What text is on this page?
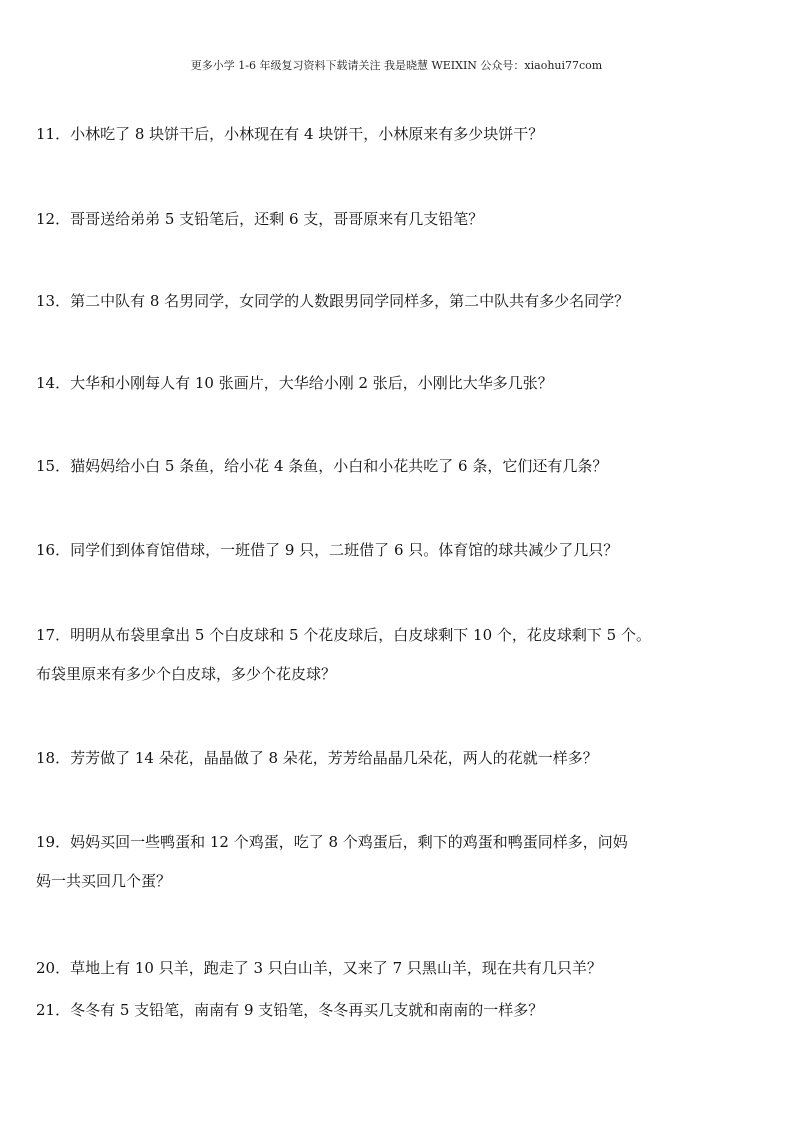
更多小学 1-6 年级复习资料下载请关注 我是晓慧 WEIXIN 公众号：xiaohui77com
11．小林吃了 8 块饼干后，小林现在有 4 块饼干，小林原来有多少块饼干？
12．哥哥送给弟弟 5 支铅笔后，还剩 6 支，哥哥原来有几支铅笔？
13．第二中队有 8 名男同学，女同学的人数跟男同学同样多，第二中队共有多少名同学？
14．大华和小刚每人有 10 张画片，大华给小刚 2 张后，小刚比大华多几张？
15．猫妈妈给小白 5 条鱼，给小花 4 条鱼，小白和小花共吃了 6 条，它们还有几条？
16．同学们到体育馆借球，一班借了 9 只，二班借了 6 只。体育馆的球共减少了几只？
17．明明从布袋里拿出 5 个白皮球和 5 个花皮球后，白皮球剩下 10 个，花皮球剩下 5 个。
布袋里原来有多少个白皮球，多少个花皮球？
18．芳芳做了 14 朵花，晶晶做了 8 朵花，芳芳给晶晶几朵花，两人的花就一样多？
19．妈妈买回一些鸭蛋和 12 个鸡蛋，吃了 8 个鸡蛋后，剩下的鸡蛋和鸭蛋同样多，问妈
妈一共买回几个蛋？
20．草地上有 10 只羊，跑走了 3 只白山羊，又来了 7 只黑山羊，现在共有几只羊？
21．冬冬有 5 支铅笔，南南有 9 支铅笔，冬冬再买几支就和南南的一样多？
